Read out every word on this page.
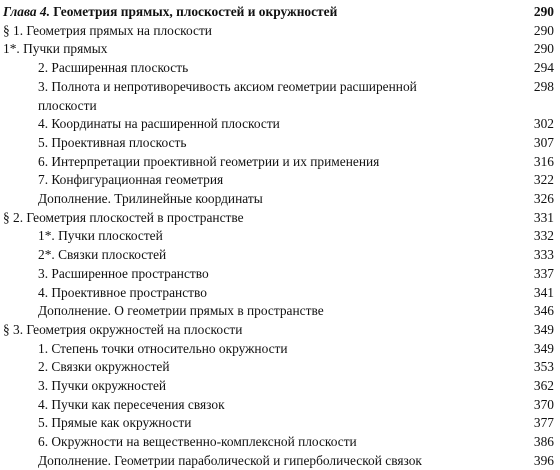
Глава 4. Геометрия прямых, плоскостей и окружностей	290
§ 1. Геометрия прямых на плоскости	290
1*. Пучки прямых	290
2. Расширенная плоскость	294
3. Полнота и непротиворечивость аксиом геометрии расширенной	298
плоскости
4. Координаты на расширенной плоскости	302
5. Проективная плоскость	307
6. Интерпретации проективной геометрии и их применения	316
7. Конфигурационная геометрия	322
Дополнение. Трилинейные координаты	326
§ 2. Геометрия плоскостей в пространстве	331
1*. Пучки плоскостей	332
2*. Связки плоскостей	333
3. Расширенное пространство	337
4. Проективное пространство	341
Дополнение. О геометрии прямых в пространстве	346
§ 3. Геометрия окружностей на плоскости	349
1. Степень точки относительно окружности	349
2. Связки окружностей	353
3. Пучки окружностей	362
4. Пучки как пересечения связок	370
5. Прямые как окружности	377
6. Окружности на вещественно-комплексной плоскости	386
Дополнение. Геометрии параболической и гиперболической связок	396
